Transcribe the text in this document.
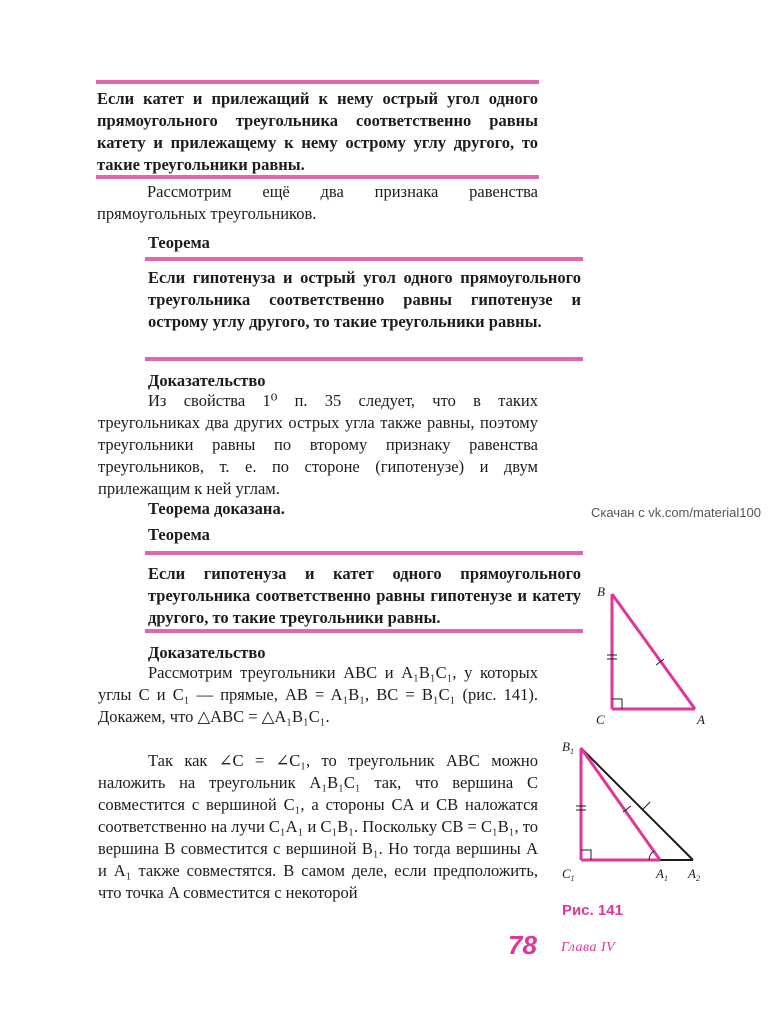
Если катет и прилежащий к нему острый угол одного прямоугольного треугольника соответственно равны катету и прилежащему к нему острому углу другого, то такие треугольники равны.
Рассмотрим ещё два признака равенства прямоугольных треугольников.
Теорема
Если гипотенуза и острый угол одного прямоугольного треугольника соответственно равны гипотенузе и острому углу другого, то такие треугольники равны.
Доказательство
Из свойства 1⁰ п. 35 следует, что в таких треугольниках два других острых угла также равны, поэтому треугольники равны по второму признаку равенства треугольников, т. е. по стороне (гипотенузе) и двум прилежащим к ней углам.
Теорема доказана.	Скачан с vk.com/material100
Теорема
Если гипотенуза и катет одного прямоугольного треугольника соответственно равны гипотенузе и катету другого, то такие треугольники равны.
Доказательство
Рассмотрим треугольники ABC и A₁B₁C₁, у которых углы C и C₁ — прямые, AB = A₁B₁, BC = B₁C₁ (рис. 141). Докажем, что △ABC = △A₁B₁C₁.
Так как ∠C = ∠C₁, то треугольник ABC можно наложить на треугольник A₁B₁C₁ так, что вершина C совместится с вершиной C₁, а стороны CA и CB наложатся соответственно на лучи C₁A₁ и C₁B₁. Поскольку CB = C₁B₁, то вершина B совместится с вершиной B₁. Но тогда вершины A и A₁ также совместятся. В самом деле, если предположить, что точка A совместится с некоторой
B
C	A
$B_1$
$C_1$	$A_1$ $A_2$
Рис. 141
78 Глава IV
